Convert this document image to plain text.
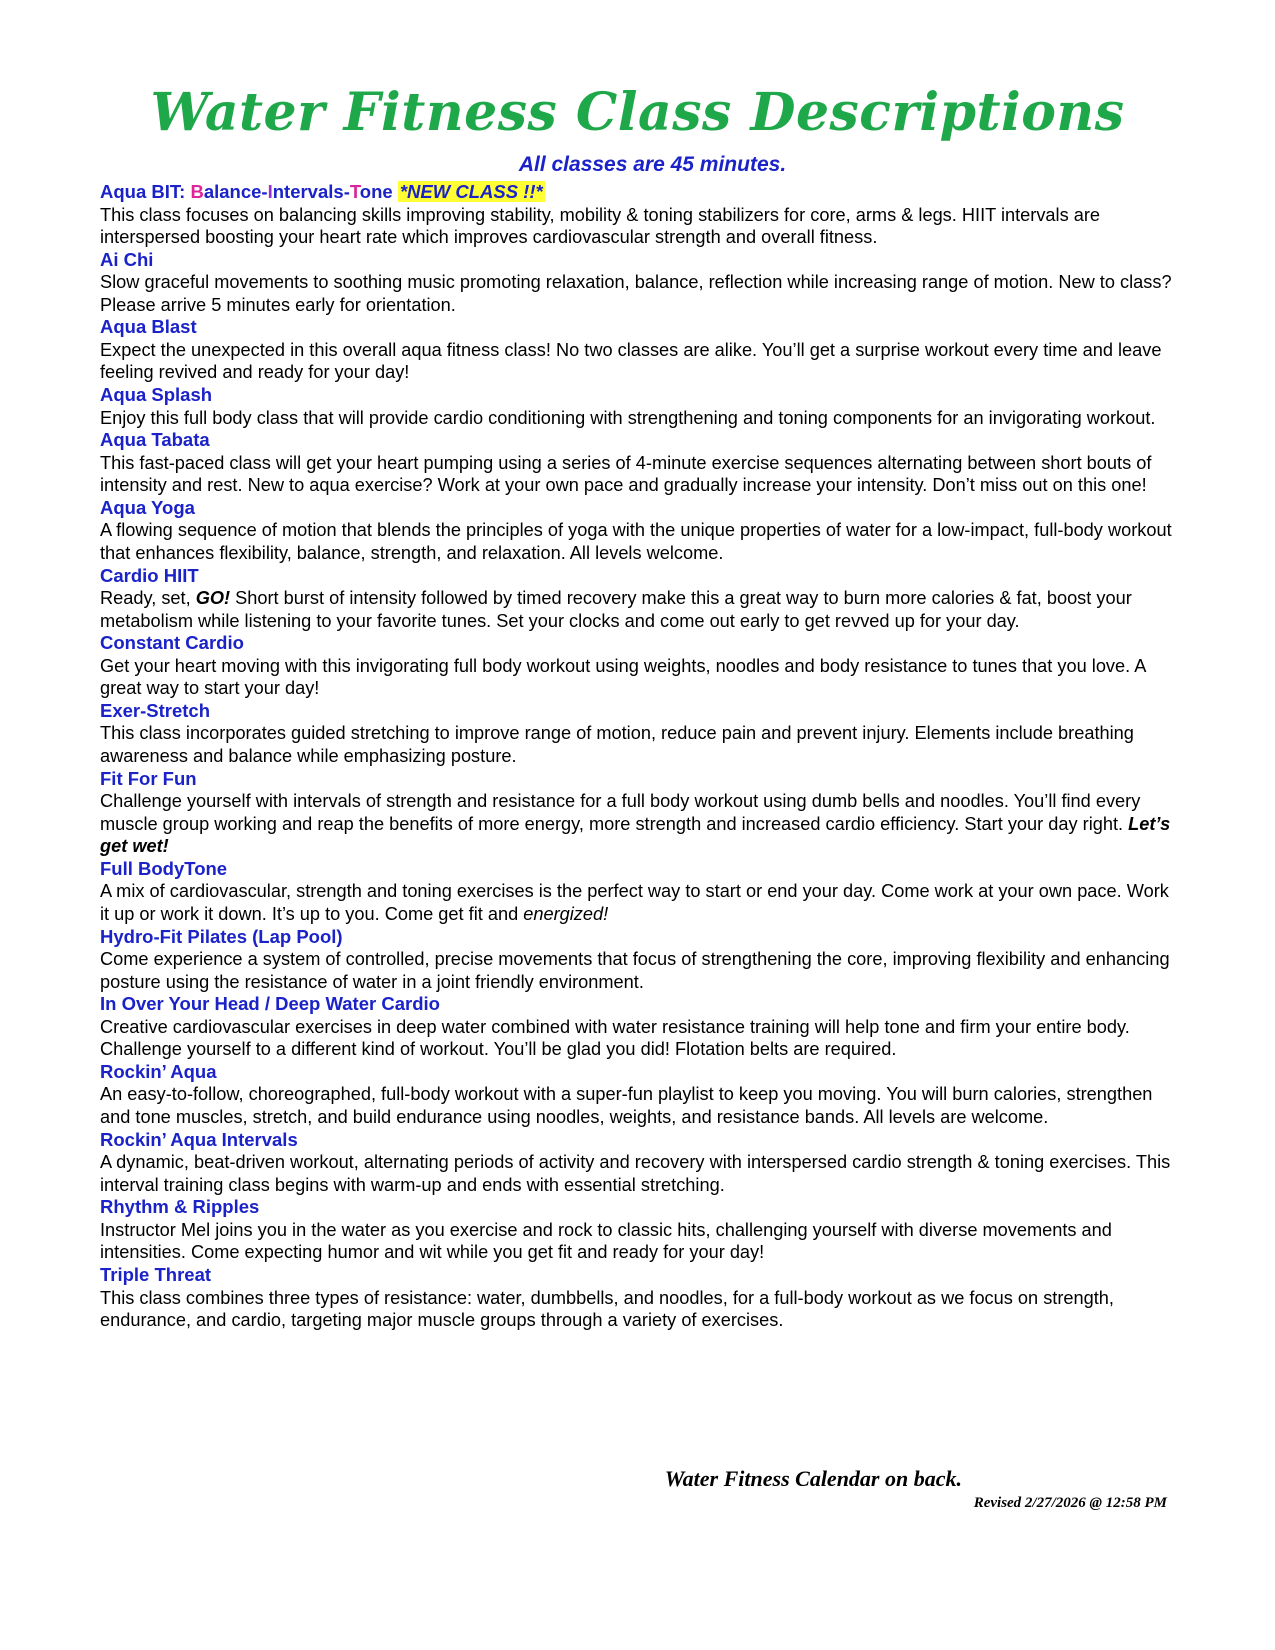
Water Fitness Class Descriptions
All classes are 45 minutes.
Aqua BIT: Balance-Intervals-Tone *NEW CLASS !!*
This class focuses on balancing skills improving stability, mobility & toning stabilizers for core, arms & legs. HIIT intervals are interspersed boosting your heart rate which improves cardiovascular strength and overall fitness.
Ai Chi
Slow graceful movements to soothing music promoting relaxation, balance, reflection while increasing range of motion. New to class? Please arrive 5 minutes early for orientation.
Aqua Blast
Expect the unexpected in this overall aqua fitness class! No two classes are alike. You’ll get a surprise workout every time and leave feeling revived and ready for your day!
Aqua Splash
Enjoy this full body class that will provide cardio conditioning with strengthening and toning components for an invigorating workout.
Aqua Tabata
This fast-paced class will get your heart pumping using a series of 4-minute exercise sequences alternating between short bouts of intensity and rest. New to aqua exercise? Work at your own pace and gradually increase your intensity. Don’t miss out on this one!
Aqua Yoga
A flowing sequence of motion that blends the principles of yoga with the unique properties of water for a low-impact, full-body workout that enhances flexibility, balance, strength, and relaxation. All levels welcome.
Cardio HIIT
Ready, set, GO! Short burst of intensity followed by timed recovery make this a great way to burn more calories & fat, boost your metabolism while listening to your favorite tunes. Set your clocks and come out early to get revved up for your day.
Constant Cardio
Get your heart moving with this invigorating full body workout using weights, noodles and body resistance to tunes that you love. A great way to start your day!
Exer-Stretch
This class incorporates guided stretching to improve range of motion, reduce pain and prevent injury. Elements include breathing awareness and balance while emphasizing posture.
Fit For Fun
Challenge yourself with intervals of strength and resistance for a full body workout using dumb bells and noodles. You’ll find every muscle group working and reap the benefits of more energy, more strength and increased cardio efficiency. Start your day right. Let’s get wet!
Full BodyTone
A mix of cardiovascular, strength and toning exercises is the perfect way to start or end your day. Come work at your own pace. Work it up or work it down. It’s up to you. Come get fit and energized!
Hydro-Fit Pilates (Lap Pool)
Come experience a system of controlled, precise movements that focus of strengthening the core, improving flexibility and enhancing posture using the resistance of water in a joint friendly environment.
In Over Your Head / Deep Water Cardio
Creative cardiovascular exercises in deep water combined with water resistance training will help tone and firm your entire body. Challenge yourself to a different kind of workout. You’ll be glad you did! Flotation belts are required.
Rockin’ Aqua
An easy-to-follow, choreographed, full-body workout with a super-fun playlist to keep you moving. You will burn calories, strengthen and tone muscles, stretch, and build endurance using noodles, weights, and resistance bands. All levels are welcome.
Rockin’ Aqua Intervals
A dynamic, beat-driven workout, alternating periods of activity and recovery with interspersed cardio strength & toning exercises. This interval training class begins with warm-up and ends with essential stretching.
Rhythm & Ripples
Instructor Mel joins you in the water as you exercise and rock to classic hits, challenging yourself with diverse movements and intensities. Come expecting humor and wit while you get fit and ready for your day!
Triple Threat
This class combines three types of resistance: water, dumbbells, and noodles, for a full-body workout as we focus on strength, endurance, and cardio, targeting major muscle groups through a variety of exercises.
Water Fitness Calendar on back.
Revised 2/27/2026 @ 12:58 PM
